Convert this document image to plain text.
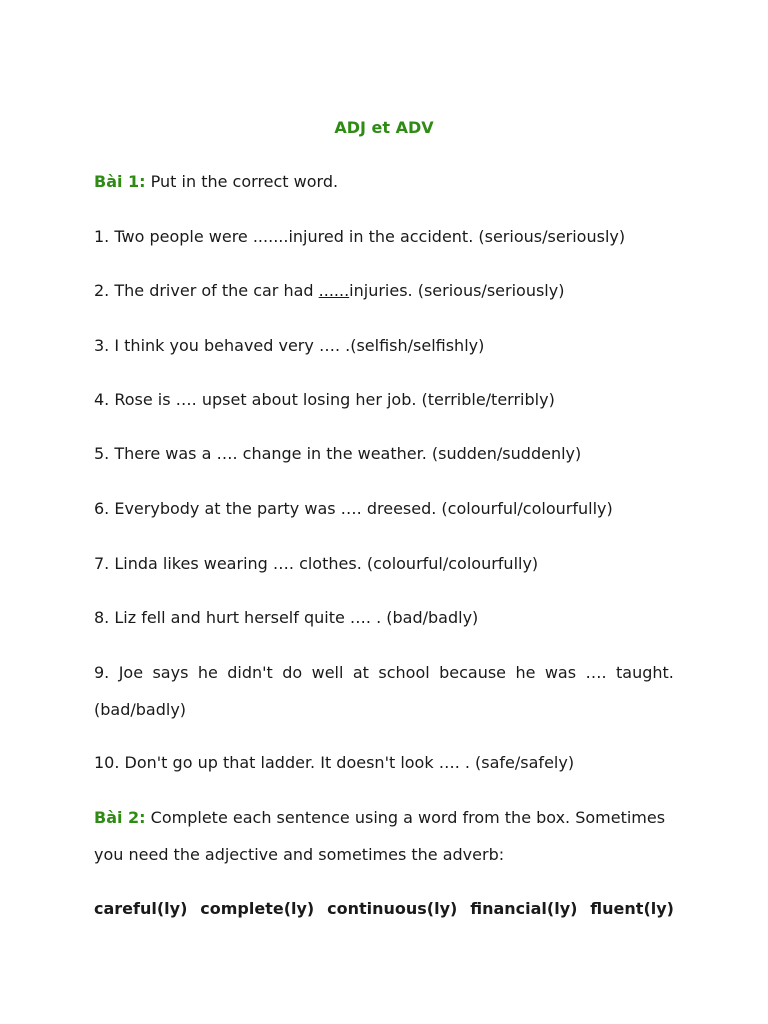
ADJ et ADV
Bài 1: Put in the correct word.
1. Two people were .......injured in the accident. (serious/seriously)
2. The driver of the car had ......injuries. (serious/seriously)
3. I think you behaved very …. .(selfish/selfishly)
4. Rose is …. upset about losing her job. (terrible/terribly)
5. There was a …. change in the weather. (sudden/suddenly)
6. Everybody at the party was …. dreesed. (colourful/colourfully)
7. Linda likes wearing …. clothes. (colourful/colourfully)
8. Liz fell and hurt herself quite …. . (bad/badly)
9. Joe says he didn't do well at school because he was …. taught.
(bad/badly)
10. Don't go up that ladder. It doesn't look …. . (safe/safely)
Bài 2: Complete each sentence using a word from the box. Sometimes
you need the adjective and sometimes the adverb:
careful(ly) complete(ly) continuous(ly) financial(ly) fluent(ly)
